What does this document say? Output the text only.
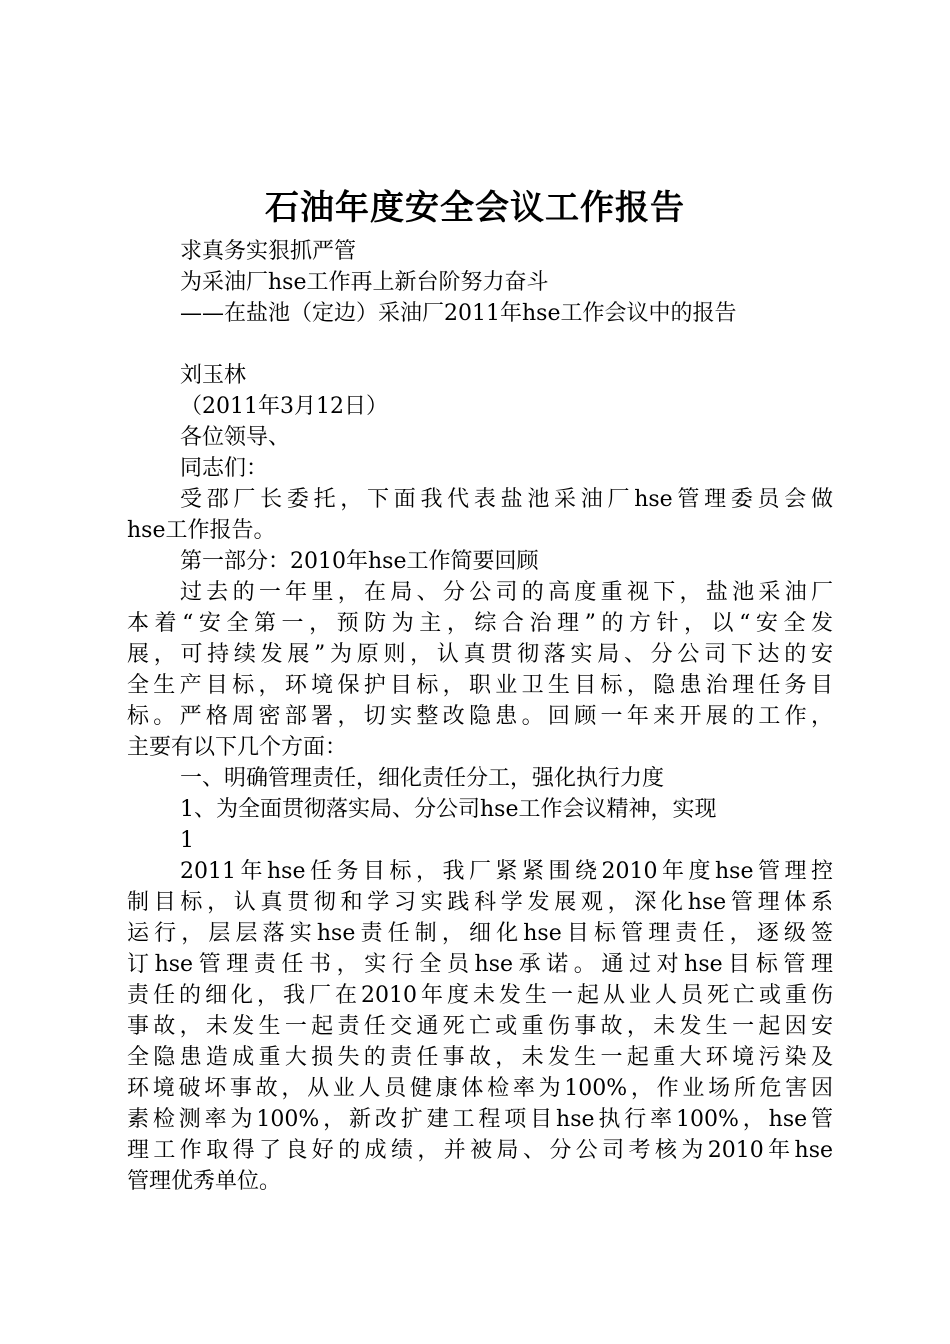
石油年度安全会议工作报告
求真务实狠抓严管
为采油厂hse工作再上新台阶努力奋斗
——在盐池（定边）采油厂2011年hse工作会议中的报告
刘玉林
（2011年3月12日）
各位领导、
同志们：
受邵厂长委托，下面我代表盐池采油厂hse管理委员会做
hse工作报告。
第一部分：2010年hse工作简要回顾
过去的一年里，在局、分公司的高度重视下，盐池采油厂
本着“安全第一，预防为主，综合治理”的方针，以“安全发
展，可持续发展”为原则，认真贯彻落实局、分公司下达的安
全生产目标，环境保护目标，职业卫生目标，隐患治理任务目
标。严格周密部署，切实整改隐患。回顾一年来开展的工作，
主要有以下几个方面：
一、明确管理责任，细化责任分工，强化执行力度
1、为全面贯彻落实局、分公司hse工作会议精神，实现
1
2011年hse任务目标，我厂紧紧围绕2010年度hse管理控
制目标，认真贯彻和学习实践科学发展观，深化hse管理体系
运行，层层落实hse责任制，细化hse目标管理责任，逐级签
订hse管理责任书，实行全员hse承诺。通过对hse目标管理
责任的细化，我厂在2010年度未发生一起从业人员死亡或重伤
事故，未发生一起责任交通死亡或重伤事故，未发生一起因安
全隐患造成重大损失的责任事故，未发生一起重大环境污染及
环境破坏事故，从业人员健康体检率为100%，作业场所危害因
素检测率为100%，新改扩建工程项目hse执行率100%，hse管
理工作取得了良好的成绩，并被局、分公司考核为2010年hse
管理优秀单位。
